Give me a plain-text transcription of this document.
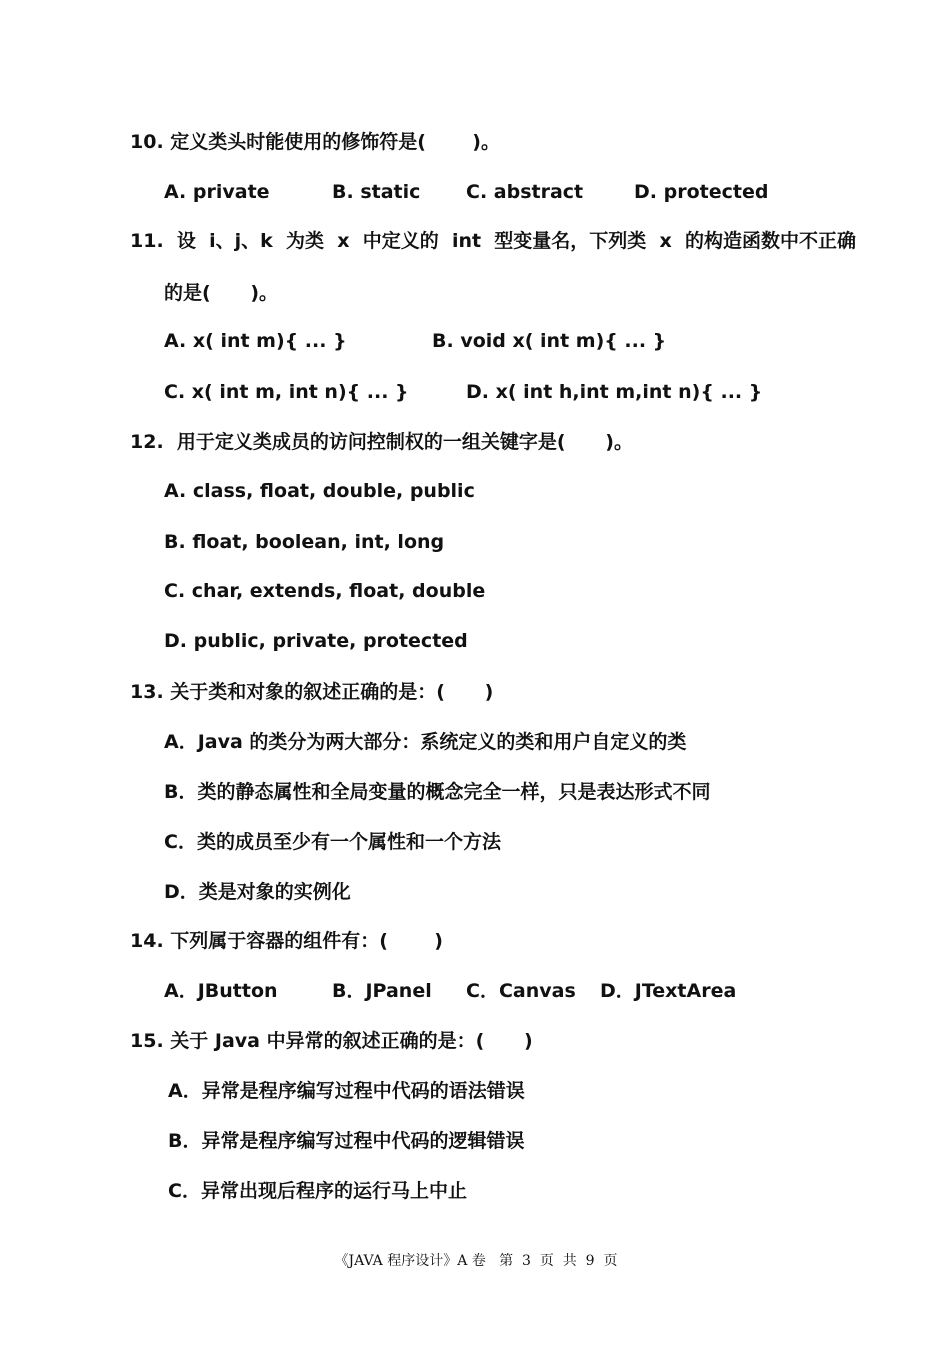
10. 定义类头时能使用的修饰符是(       )。
A. private	B. static C. abstract	D. protected
11.  设  i、j、k  为类  x  中定义的  int  型变量名，下列类  x  的构造函数中不正确
的是(      )。
A. x( int m){ ... }	B. void x( int m){ ... }
C. x( int m, int n){ ... }	D. x( int h,int m,int n){ ... }
12.  用于定义类成员的访问控制权的一组关键字是(      )。
A. class, float, double, public
B. float, boolean, int, long
C. char, extends, float, double
D. public, private, protected
13. 关于类和对象的叙述正确的是：(      )
A．Java 的类分为两大部分：系统定义的类和用户自定义的类
B．类的静态属性和全局变量的概念完全一样，只是表达形式不同
C．类的成员至少有一个属性和一个方法
D．类是对象的实例化
14. 下列属于容器的组件有：(       )
A．JButton	B．JPanel C．Canvas D．JTextArea
15. 关于 Java 中异常的叙述正确的是：(      )
A．异常是程序编写过程中代码的语法错误
B．异常是程序编写过程中代码的逻辑错误
C．异常出现后程序的运行马上中止
《JAVA 程序设计》A 卷   第  3  页  共  9  页
